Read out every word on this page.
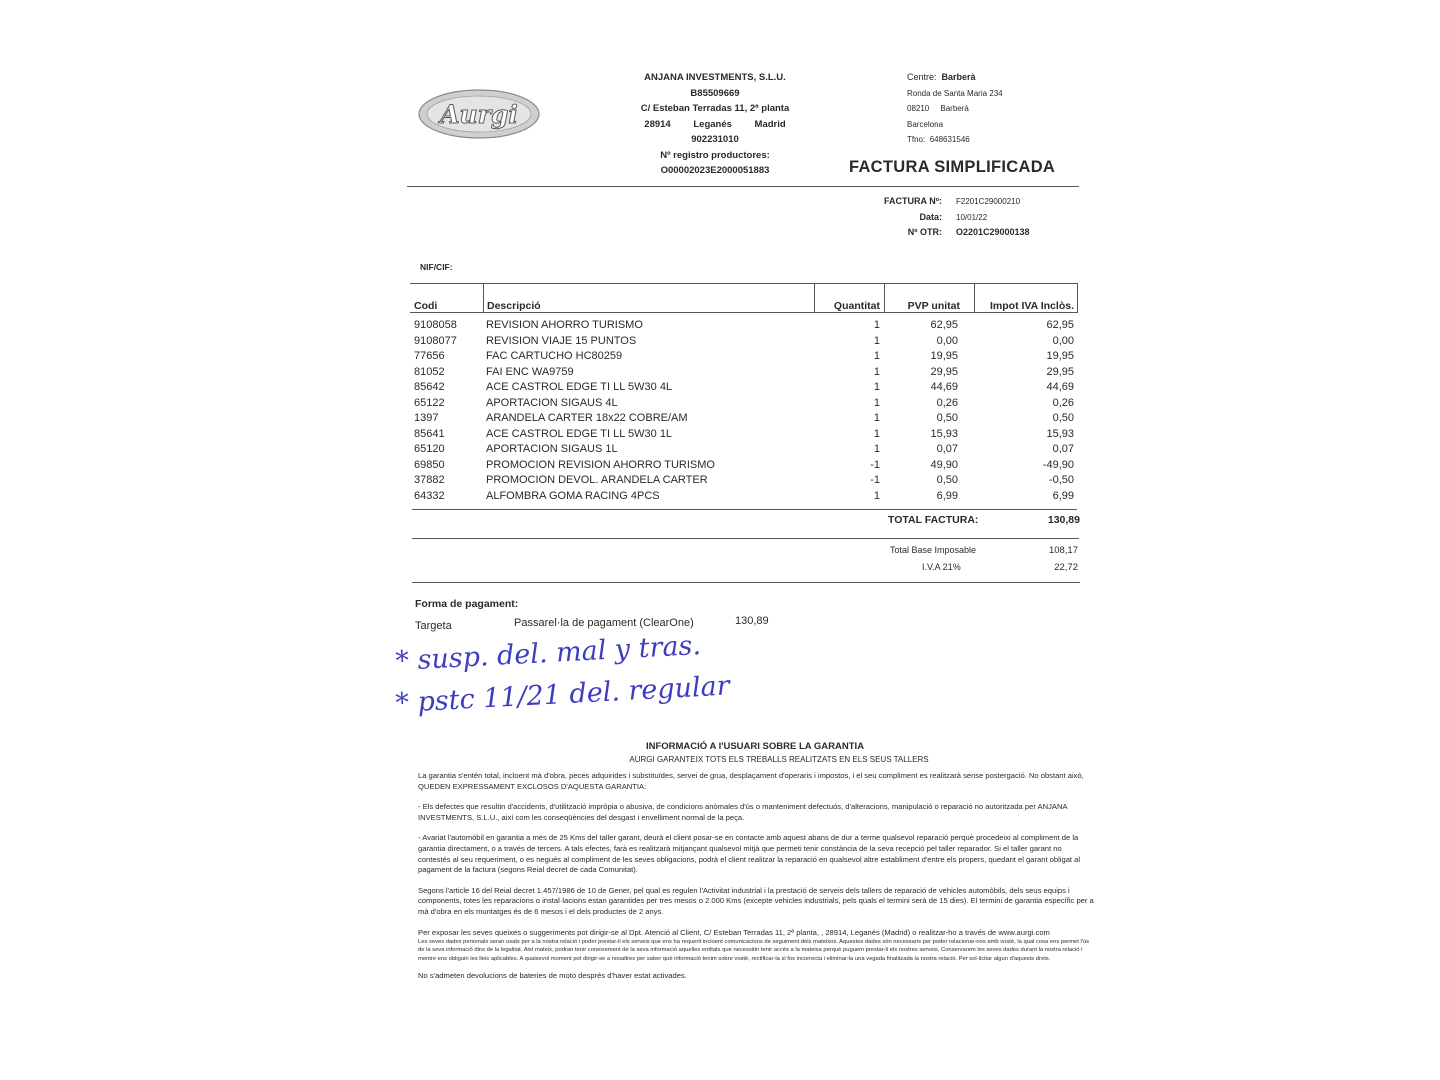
Aurgi
ANJANA INVESTMENTS, S.L.U.
B85509669
C/ Esteban Terradas 11, 2ª planta
28914 Leganés Madrid
902231010
Nº registro productores:
O00002023E2000051883
Centre: Barberà
Ronda de Santa Maria 234
08210 Barberà
Barcelona
Tfno: 648631546
FACTURA SIMPLIFICADA
FACTURA Nº:	F2201C29000210
Data:	10/01/22
Nº OTR:	O2201C29000138
NIF/CIF:
Codi	Descripció	Quantitat	PVP unitat	Impot IVA Inclòs.
9108058	REVISION AHORRO TURISMO	1	62,95	62,95
9108077	REVISION VIAJE 15 PUNTOS	1	0,00	0,00
77656	FAC CARTUCHO HC80259	1	19,95	19,95
81052	FAI ENC WA9759	1	29,95	29,95
85642	ACE CASTROL EDGE TI LL 5W30 4L	1	44,69	44,69
65122	APORTACION SIGAUS 4L	1	0,26	0,26
1397	ARANDELA CARTER 18x22 COBRE/AM	1	0,50	0,50
85641	ACE CASTROL EDGE TI LL 5W30 1L	1	15,93	15,93
65120	APORTACION SIGAUS 1L	1	0,07	0,07
69850	PROMOCION REVISION AHORRO TURISMO	-1	49,90	-49,90
37882	PROMOCION DEVOL. ARANDELA CARTER	-1	0,50	-0,50
64332	ALFOMBRA GOMA RACING 4PCS	1	6,99	6,99
TOTAL FACTURA:	130,89
Total Base Imposable	108,17
I.V.A 21%	22,72
Forma de pagament:
Targeta	Passarel·la de pagament (ClearOne)	130,89
* susp. del. mal y tras.
* pstc 11/21 del. regular
INFORMACIÓ A l'USUARI SOBRE LA GARANTIA
AURGI GARANTEIX TOTS ELS TREBALLS REALITZATS EN ELS SEUS TALLERS

La garantia s'entén total, incloent mà d'obra, peces adquirides i substituïdes, servei de grua, desplaçament d'operaris i impostos, i el seu compliment es realitzarà sense postergació. No obstant això, QUEDEN EXPRESSAMENT EXCLOSOS D'AQUESTA GARANTIA:

- Els defectes que resultin d'accidents, d'utilització impròpia o abusiva, de condicions anòmales d'ús o manteniment defectuós, d'alteracions, manipulació o reparació no autoritzada per ANJANA INVESTMENTS, S.L.U., així com les conseqüències del desgast i envelliment normal de la peça.

- Avariat l'automòbil en garantia a més de 25 Kms del taller garant, deurà el client posar-se en contacte amb aquest abans de dur a terme qualsevol reparació perquè procedeixi al compliment de la garantia directament, o a través de tercers. A tals efectes, farà es realitzarà mitjançant qualsevol mitjà que permeti tenir constància de la seva recepció pel taller reparador. Si el taller garant no contestés al seu requeriment, o es negués al compliment de les seves obligacions, podrà el client realitzar la reparació en qualsevol altre establiment d'entre els propers, quedant el garant obligat al pagament de la factura (segons Reial decret de cada Comunitat).

Segons l'article 16 del Reial decret 1.457/1986 de 10 de Gener, pel qual es regulen l'Activitat industrial i la prestació de serveis dels tallers de reparació de vehicles automòbils, dels seus equips i components, totes les reparacions o instal·lacions estan garantides per tres mesos o 2.000 Kms (excepte vehicles industrials, pels quals el termini serà de 15 dies). El termini de garantia específic per a mà d'obra en els muntatges és de 6 mesos i el dels productes de 2 anys.

Per exposar les seves queixes o suggeriments pot dirigir-se al Dpt. Atenció al Client, C/ Esteban Terradas 11, 2ª planta, , 28914, Leganés (Madrid) o realitzar-ho a través de www.aurgi.com

Les seves dades personals seran usats per a la nostra relació i poder prestar-li els serveis que ens ha requerit incloent comunicacions de seguiment dels mateixos. Aquestes dades són necessaris per poder relacionar-nos amb vostè, la qual cosa ens permet l'ús de la seva informació dins de la legalitat. Així mateix, podran tenir coneixement de la seva informació aquelles entitats que necessitin tenir accés a la mateixa perquè puguem prestar-li els nostres serveis. Conservarem les seves dades durant la nostra relació i mentre ens obliguin les lleis aplicables. A qualsevol moment pot dirigir-se a nosaltres per saber què informació tenim sobre vostè, rectificar-la si fos incorrecta i eliminar-la una vegada finalitzada la nostra relació. Per sol·licitar algun d'aquests drets.

No s'admeten devolucions de bateries de moto després d'haver estat activades.
